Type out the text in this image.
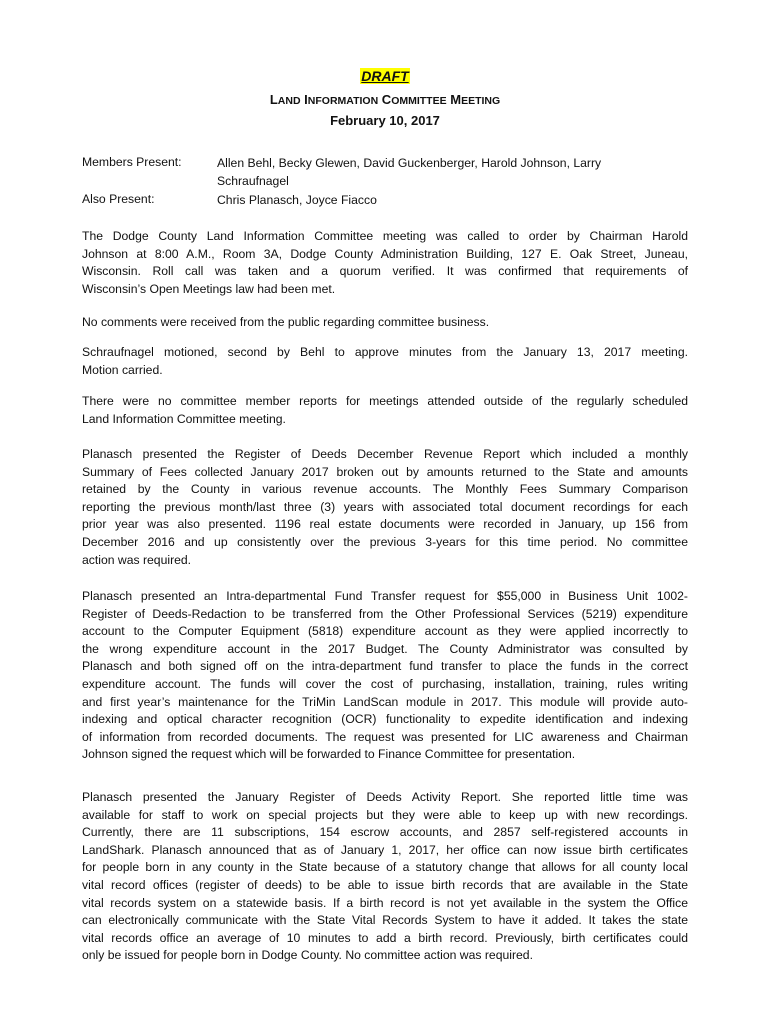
DRAFT
LAND INFORMATION COMMITTEE MEETING
February 10, 2017
Members Present:	Allen Behl, Becky Glewen, David Guckenberger, Harold Johnson, Larry
Schraufnagel
Also Present:	Chris Planasch, Joyce Fiacco
The Dodge County Land Information Committee meeting was called to order by Chairman Harold
Johnson at 8:00 A.M., Room 3A, Dodge County Administration Building, 127 E. Oak Street, Juneau,
Wisconsin. Roll call was taken and a quorum verified. It was confirmed that requirements of
Wisconsin’s Open Meetings law had been met.
No comments were received from the public regarding committee business.
Schraufnagel motioned, second by Behl to approve minutes from the January 13, 2017 meeting.
Motion carried.
There were no committee member reports for meetings attended outside of the regularly scheduled
Land Information Committee meeting.
Planasch presented the Register of Deeds December Revenue Report which included a monthly
Summary of Fees collected January 2017 broken out by amounts returned to the State and amounts
retained by the County in various revenue accounts. The Monthly Fees Summary Comparison
reporting the previous month/last three (3) years with associated total document recordings for each
prior year was also presented. 1196 real estate documents were recorded in January, up 156 from
December 2016 and up consistently over the previous 3-years for this time period. No committee
action was required.
Planasch presented an Intra-departmental Fund Transfer request for $55,000 in Business Unit 1002-
Register of Deeds-Redaction to be transferred from the Other Professional Services (5219) expenditure
account to the Computer Equipment (5818) expenditure account as they were applied incorrectly to
the wrong expenditure account in the 2017 Budget. The County Administrator was consulted by
Planasch and both signed off on the intra-department fund transfer to place the funds in the correct
expenditure account. The funds will cover the cost of purchasing, installation, training, rules writing
and first year’s maintenance for the TriMin LandScan module in 2017. This module will provide auto-
indexing and optical character recognition (OCR) functionality to expedite identification and indexing
of information from recorded documents. The request was presented for LIC awareness and Chairman
Johnson signed the request which will be forwarded to Finance Committee for presentation.
Planasch presented the January Register of Deeds Activity Report. She reported little time was
available for staff to work on special projects but they were able to keep up with new recordings.
Currently, there are 11 subscriptions, 154 escrow accounts, and 2857 self-registered accounts in
LandShark. Planasch announced that as of January 1, 2017, her office can now issue birth certificates
for people born in any county in the State because of a statutory change that allows for all county local
vital record offices (register of deeds) to be able to issue birth records that are available in the State
vital records system on a statewide basis. If a birth record is not yet available in the system the Office
can electronically communicate with the State Vital Records System to have it added. It takes the state
vital records office an average of 10 minutes to add a birth record. Previously, birth certificates could
only be issued for people born in Dodge County. No committee action was required.
